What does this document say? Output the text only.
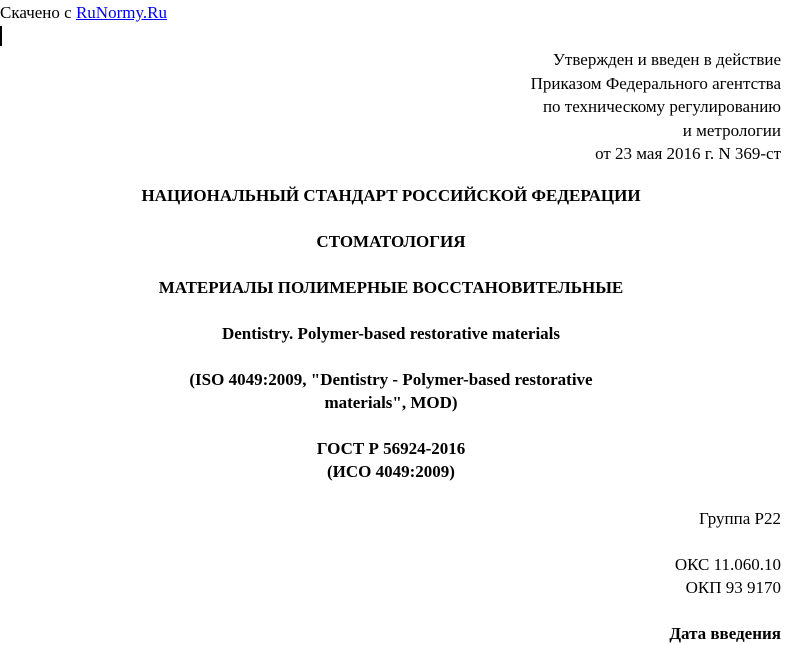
Скачено с RuNormy.Ru
Утвержден и введен в действие
Приказом Федерального агентства
по техническому регулированию
и метрологии
от 23 мая 2016 г. N 369-ст
НАЦИОНАЛЬНЫЙ СТАНДАРТ РОССИЙСКОЙ ФЕДЕРАЦИИ
СТОМАТОЛОГИЯ
МАТЕРИАЛЫ ПОЛИМЕРНЫЕ ВОССТАНОВИТЕЛЬНЫЕ
Dentistry. Polymer-based restorative materials
(ISO 4049:2009, "Dentistry - Polymer-based restorative
materials", MOD)
ГОСТ Р 56924-2016
(ИСО 4049:2009)
Группа Р22
ОКС 11.060.10
ОКП 93 9170
Дата введения
